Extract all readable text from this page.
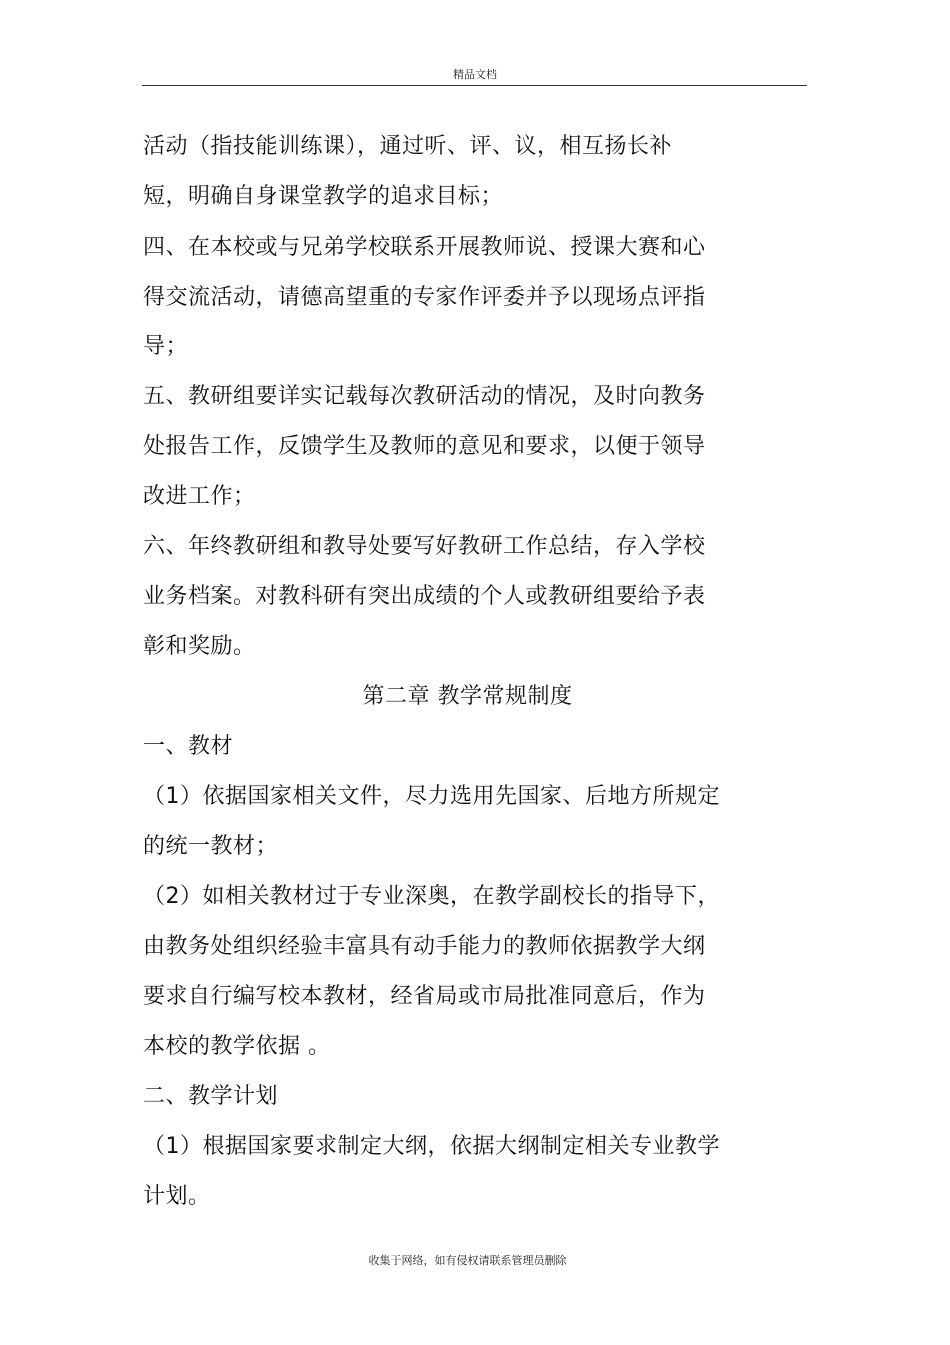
精品文档
活动（指技能训练课），通过听、评、议，相互扬长补
短，明确自身课堂教学的追求目标；
四、在本校或与兄弟学校联系开展教师说、授课大赛和心
得交流活动，请德高望重的专家作评委并予以现场点评指
导；
五、教研组要详实记载每次教研活动的情况，及时向教务
处报告工作，反馈学生及教师的意见和要求，以便于领导
改进工作；
六、年终教研组和教导处要写好教研工作总结，存入学校
业务档案。对教科研有突出成绩的个人或教研组要给予表
彰和奖励。
第二章 教学常规制度
一、教材
（1）依据国家相关文件，尽力选用先国家、后地方所规定
的统一教材；
（2）如相关教材过于专业深奥，在教学副校长的指导下，
由教务处组织经验丰富具有动手能力的教师依据教学大纲
要求自行编写校本教材，经省局或市局批准同意后，作为
本校的教学依据 。
二、教学计划
（1）根据国家要求制定大纲，依据大纲制定相关专业教学
计划。
收集于网络，如有侵权请联系管理员删除
